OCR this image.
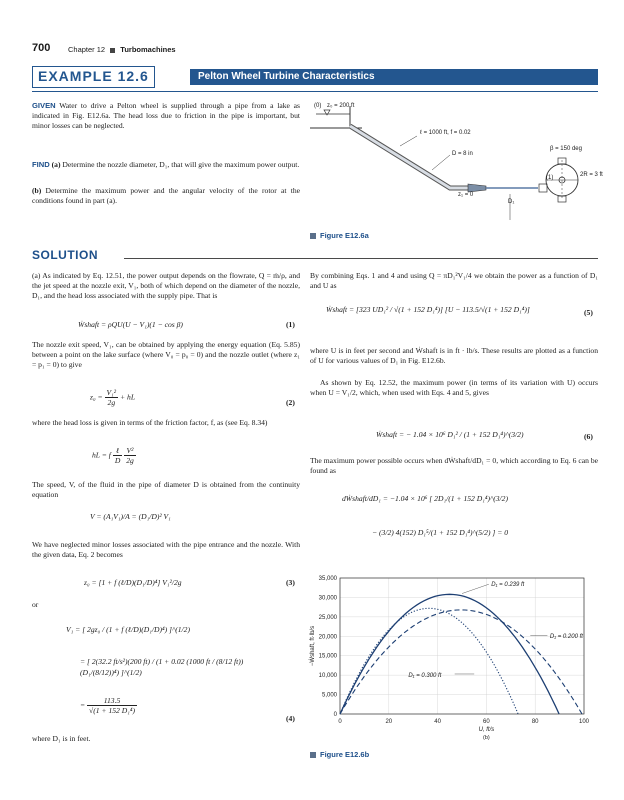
700 Chapter 12 Turbomachines
EXAMPLE 12.6	Pelton Wheel Turbine Characteristics
GIVEN Water to drive a Pelton wheel is supplied through a pipe from a lake as indicated in Fig. E12.6a. The head loss due to friction in the pipe is important, but minor losses can be neglected.
FIND (a) Determine the nozzle diameter, D₁, that will give the maximum power output.
(b) Determine the maximum power and the angular velocity of the rotor at the conditions found in part (a).
(0) z₀ = 200 ft
ℓ = 1000 ft, f = 0.02
D = 8 in
β = 150 deg
2R = 3 ft
(1)
z₁ = 0
D₁
Figure E12.6a
SOLUTION
(a) As indicated by Eq. 12.51, the power output depends on the flowrate, Q = ṁ/ρ, and the jet speed at the nozzle exit, V₁, both of which depend on the diameter of the nozzle, D₁, and the head loss associated with the supply pipe. That is
Ẇshaft = ρQU(U − V₁)(1 − cos β)	(1)
The nozzle exit speed, V₁, can be obtained by applying the energy equation (Eq. 5.85) between a point on the lake surface (where V₀ = p₀ = 0) and the nozzle outlet (where z₁ = p₁ = 0) to give
$z_0 = \frac{\text{V₁²}}{2g}$ + hL
(2)
where the head loss is given in terms of the friction factor, f, as (see Eq. 8.34)
hL = f $\frac{\text{ℓ}}{D}$
$\frac{\text{V²}}{2g}$
The speed, V, of the fluid in the pipe of diameter D is obtained from the continuity equation
V = (A₁V₁)/A = (D₁/D)² V₁
We have neglected minor losses associated with the pipe entrance and the nozzle. With the given data, Eq. 2 becomes
z₀ = [1 + f (ℓ/D)(D₁/D)⁴] V₁²/2g	(3)
or
V₁ = [ 2gz₀ / (1 + f (ℓ/D)(D₁/D)⁴) ]^(1/2)
= [ 2(32.2 ft/s²)(200 ft) / (1 + 0.02 (1000 ft / (8/12 ft)) (D₁/(8/12))⁴) ]^(1/2)
= $\frac{113.5}{\text{√(1 + 152 D₁⁴)}}$
(4)
where D₁ is in feet.
By combining Eqs. 1 and 4 and using Q = πD₁²V₁/4 we obtain the power as a function of D₁ and U as
Ẇshaft = [323 UD₁² / √(1 + 152 D₁⁴)] [U − 113.5/√(1 + 152 D₁⁴)]	(5)
where U is in feet per second and Ẇshaft is in ft · lb/s. These results are plotted as a function of U for various values of D₁ in Fig. E12.6b.
As shown by Eq. 12.52, the maximum power (in terms of its variation with U) occurs when U = V₁/2, which, when used with Eqs. 4 and 5, gives
Ẇshaft = − 1.04 × 10⁶ D₁² / (1 + 152 D₁⁴)^(3/2)	(6)
The maximum power possible occurs when dẆshaft/dD₁ = 0, which according to Eq. 6 can be found as
dẆshaft/dD₁ = −1.04 × 10⁶ [ 2D₁/(1 + 152 D₁⁴)^(3/2)
− (3/2) 4(152) D₁⁵/(1 + 152 D₁⁴)^(5/2) ] = 0
0
5,000
10,000
15,000
20,000
25,000
30,000
35,000
0	20	40	60	80	100
U, ft/s
(b)
−Ẇshaft, ft·lb/s
D₁ = 0.239 ft
D₁ = 0.200 ft
D₁ = 0.300 ft
Figure E12.6b
